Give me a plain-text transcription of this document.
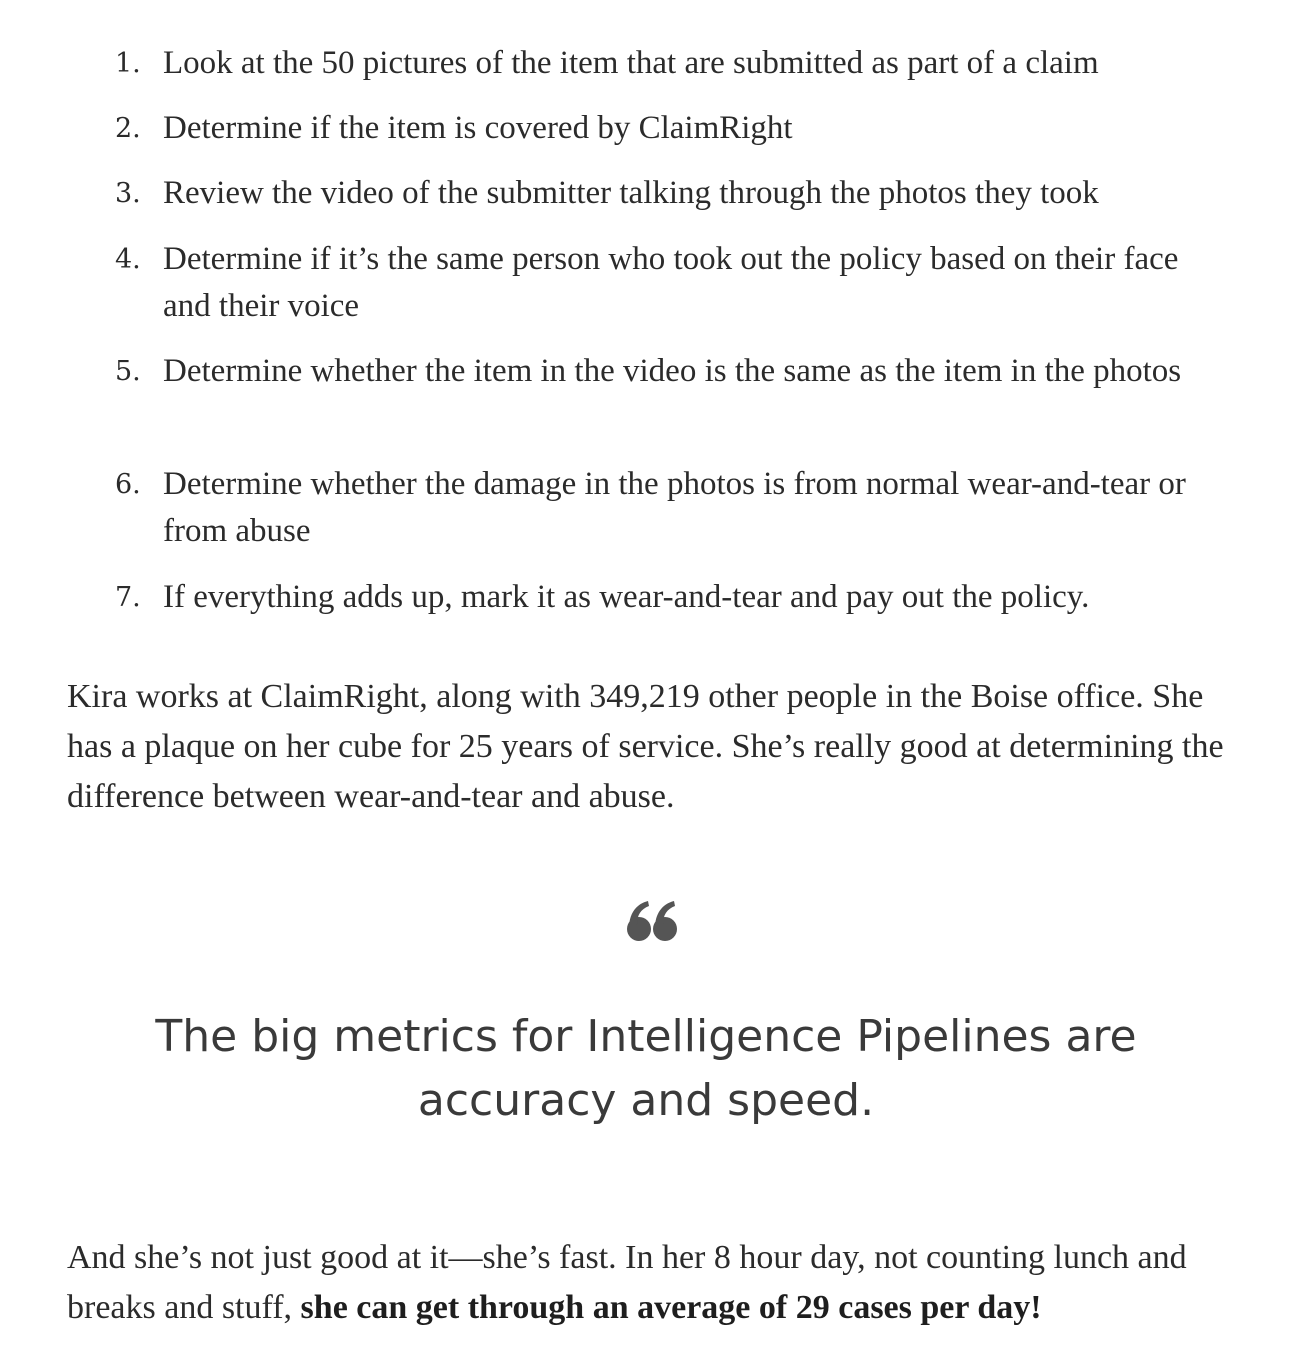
1. Look at the 50 pictures of the item that are submitted as part of a claim
2. Determine if the item is covered by ClaimRight
3. Review the video of the submitter talking through the photos they took
4. Determine if it’s the same person who took out the policy based on their face and their voice
5. Determine whether the item in the video is the same as the item in the photos
6. Determine whether the damage in the photos is from normal wear-and-tear or from abuse
7. If everything adds up, mark it as wear-and-tear and pay out the policy.

Kira works at ClaimRight, along with 349,219 other people in the Boise office. She has a plaque on her cube for 25 years of service. She’s really good at determining the difference between wear-and-tear and abuse.

The big metrics for Intelligence Pipelines are accuracy and speed.

And she’s not just good at it—she’s fast. In her 8 hour day, not counting lunch and breaks and stuff, she can get through an average of 29 cases per day!
